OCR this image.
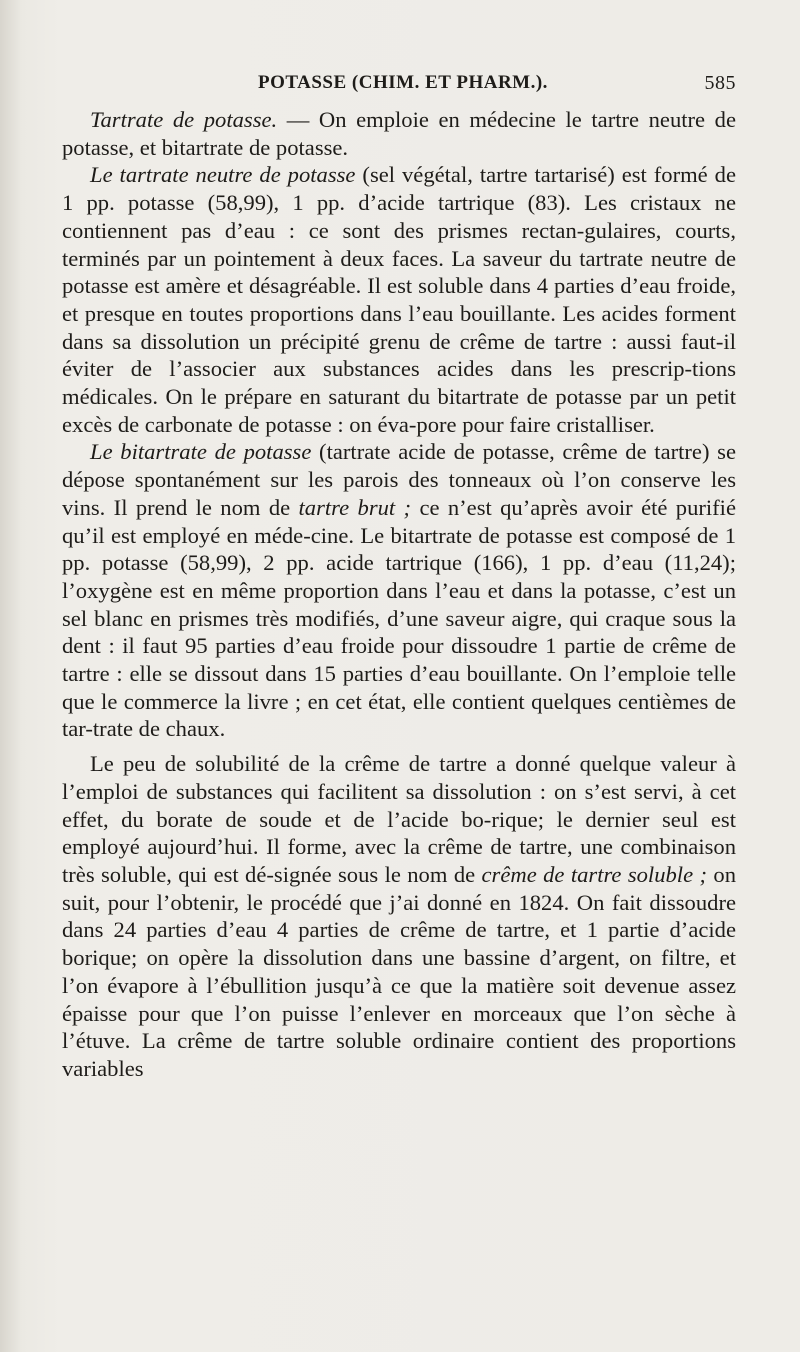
POTASSE (CHIM. ET PHARM.).	585

Tartrate de potasse. — On emploie en médecine le tartre neutre de potasse, et bitartrate de potasse.

Le tartrate neutre de potasse (sel végétal, tartre tartarisé) est formé de 1 pp. potasse (58,99), 1 pp. d’acide tartrique (83). Les cristaux ne contiennent pas d’eau : ce sont des prismes rectan-gulaires, courts, terminés par un pointement à deux faces. La saveur du tartrate neutre de potasse est amère et désagréable. Il est soluble dans 4 parties d’eau froide, et presque en toutes proportions dans l’eau bouillante. Les acides forment dans sa dissolution un précipité grenu de crême de tartre : aussi faut-il éviter de l’associer aux substances acides dans les prescrip-tions médicales. On le prépare en saturant du bitartrate de potasse par un petit excès de carbonate de potasse : on éva-pore pour faire cristalliser.

Le bitartrate de potasse (tartrate acide de potasse, crême de tartre) se dépose spontanément sur les parois des tonneaux où l’on conserve les vins. Il prend le nom de tartre brut ; ce n’est qu’après avoir été purifié qu’il est employé en méde-cine. Le bitartrate de potasse est composé de 1 pp. potasse (58,99), 2 pp. acide tartrique (166), 1 pp. d’eau (11,24); l’oxygène est en même proportion dans l’eau et dans la potasse, c’est un sel blanc en prismes très modifiés, d’une saveur aigre, qui craque sous la dent : il faut 95 parties d’eau froide pour dissoudre 1 partie de crême de tartre : elle se dissout dans 15 parties d’eau bouillante. On l’emploie telle que le commerce la livre ; en cet état, elle contient quelques centièmes de tar-trate de chaux.

Le peu de solubilité de la crême de tartre a donné quelque valeur à l’emploi de substances qui facilitent sa dissolution : on s’est servi, à cet effet, du borate de soude et de l’acide bo-rique; le dernier seul est employé aujourd’hui. Il forme, avec la crême de tartre, une combinaison très soluble, qui est dé-signée sous le nom de crême de tartre soluble ; on suit, pour l’obtenir, le procédé que j’ai donné en 1824. On fait dissoudre dans 24 parties d’eau 4 parties de crême de tartre, et 1 partie d’acide borique; on opère la dissolution dans une bassine d’argent, on filtre, et l’on évapore à l’ébullition jusqu’à ce que la matière soit devenue assez épaisse pour que l’on puisse l’enlever en morceaux que l’on sèche à l’étuve. La crême de tartre soluble ordinaire contient des proportions variables
